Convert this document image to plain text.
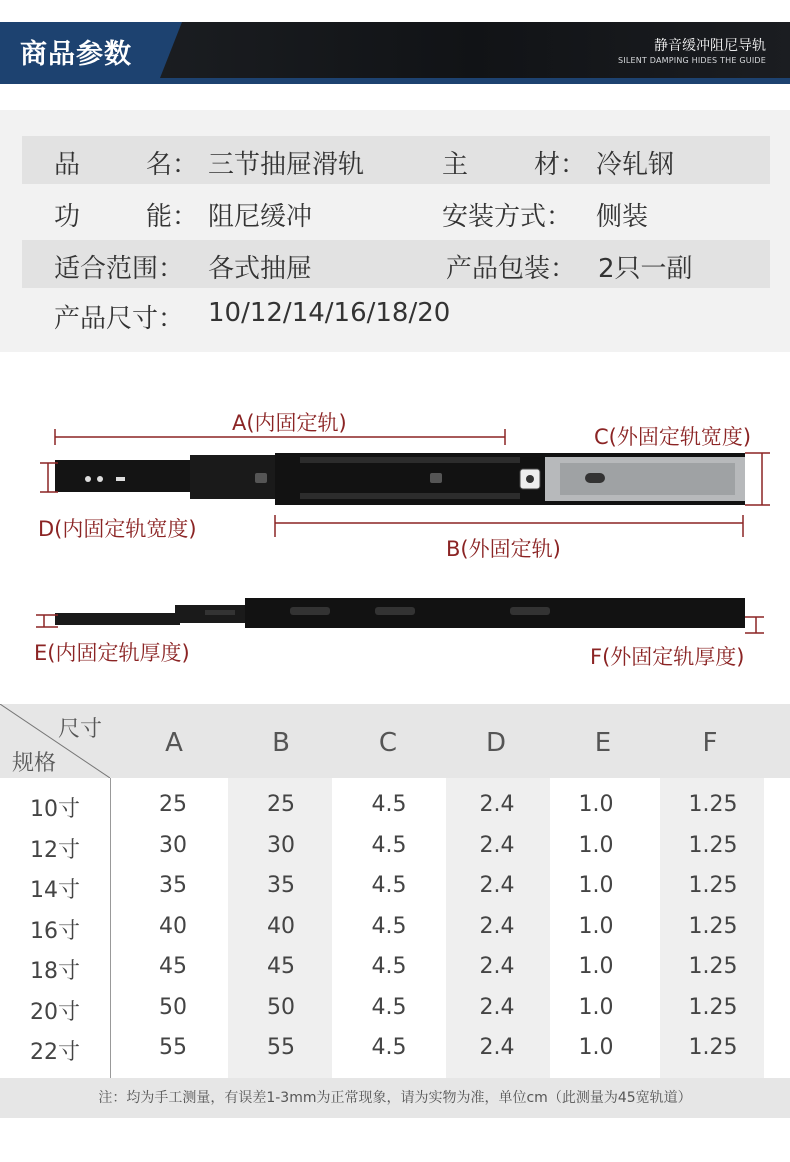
商品参数	静音缓冲阻尼导轨
SILENT DAMPING HIDES THE GUIDE
品	名： 三节抽屉滑轨	主	材： 冷轧钢
功	能： 阻尼缓冲	安装方式： 侧装
适合范围： 各式抽屉	产品包装： 2只一副
产品尺寸： 10/12/14/16/18/20
A(内固定轨)
C(外固定轨宽度)
D(内固定轨宽度)
B(外固定轨)
E(内固定轨厚度)	F(外固定轨厚度)
尺寸
规格
A	B	C	D	E	F
10寸	25	25	4.5	2.4	1.0	1.25
12寸	30	30	4.5	2.4	1.0	1.25
14寸	35	35	4.5	2.4	1.0	1.25
16寸	40	40	4.5	2.4	1.0	1.25
18寸	45	45	4.5	2.4	1.0	1.25
20寸	50	50	4.5	2.4	1.0	1.25
22寸	55	55	4.5	2.4	1.0	1.25
注：均为手工测量，有误差1-3mm为正常现象，请为实物为准，单位cm（此测量为45宽轨道）
